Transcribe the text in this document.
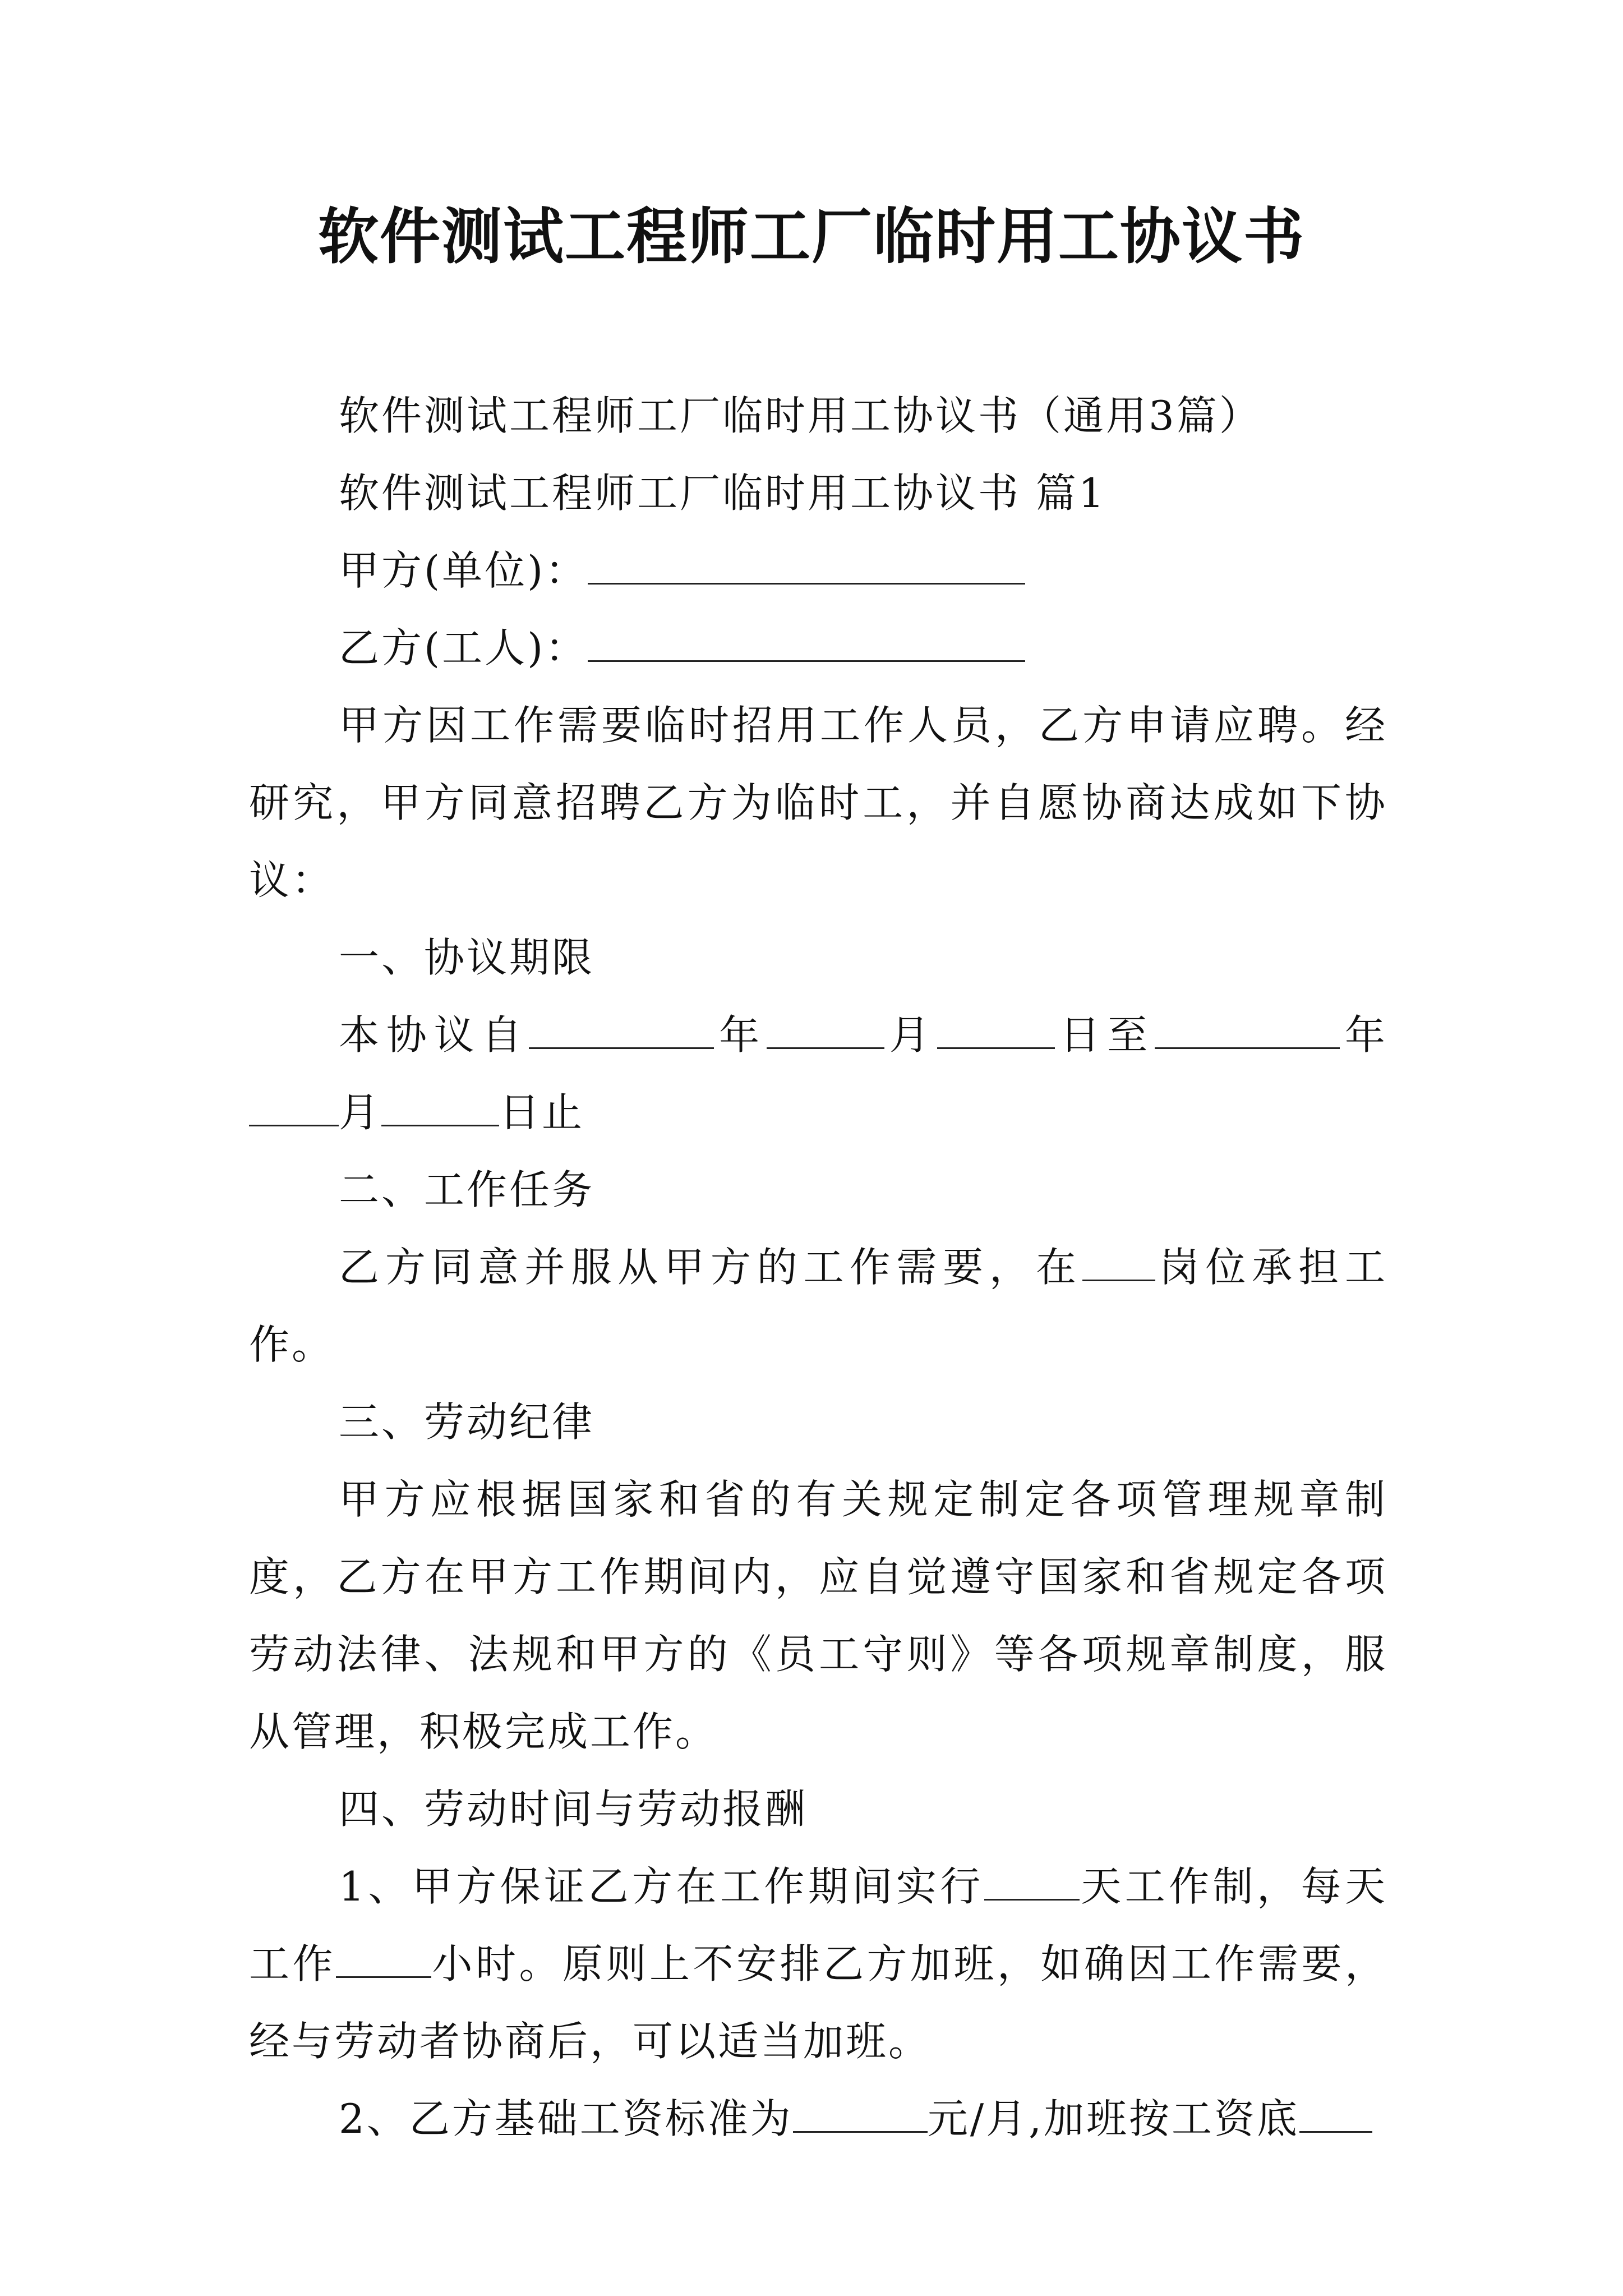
软件测试工程师工厂临时用工协议书

软件测试工程师工厂临时用工协议书（通用3篇）

软件测试工程师工厂临时用工协议书 篇1

甲方(单位)：

乙方(工人)：

甲方因工作需要临时招用工作人员，乙方申请应聘。经研究，甲方同意招聘乙方为临时工，并自愿协商达成如下协议：

一、协议期限

本协议自	年	月	日至	年月	日止

二、工作任务

乙方同意并服从甲方的工作需要，在 岗位承担工作。

三、劳动纪律

甲方应根据国家和省的有关规定制定各项管理规章制度，乙方在甲方工作期间内，应自觉遵守国家和省规定各项劳动法律、法规和甲方的《员工守则》等各项规章制度，服从管理，积极完成工作。

四、劳动时间与劳动报酬

1、甲方保证乙方在工作期间实行 天工作制，每天工作 小时。原则上不安排乙方加班，如确因工作需要，经与劳动者协商后，可以适当加班。

2、乙方基础工资标准为	元/月,加班按工资底
